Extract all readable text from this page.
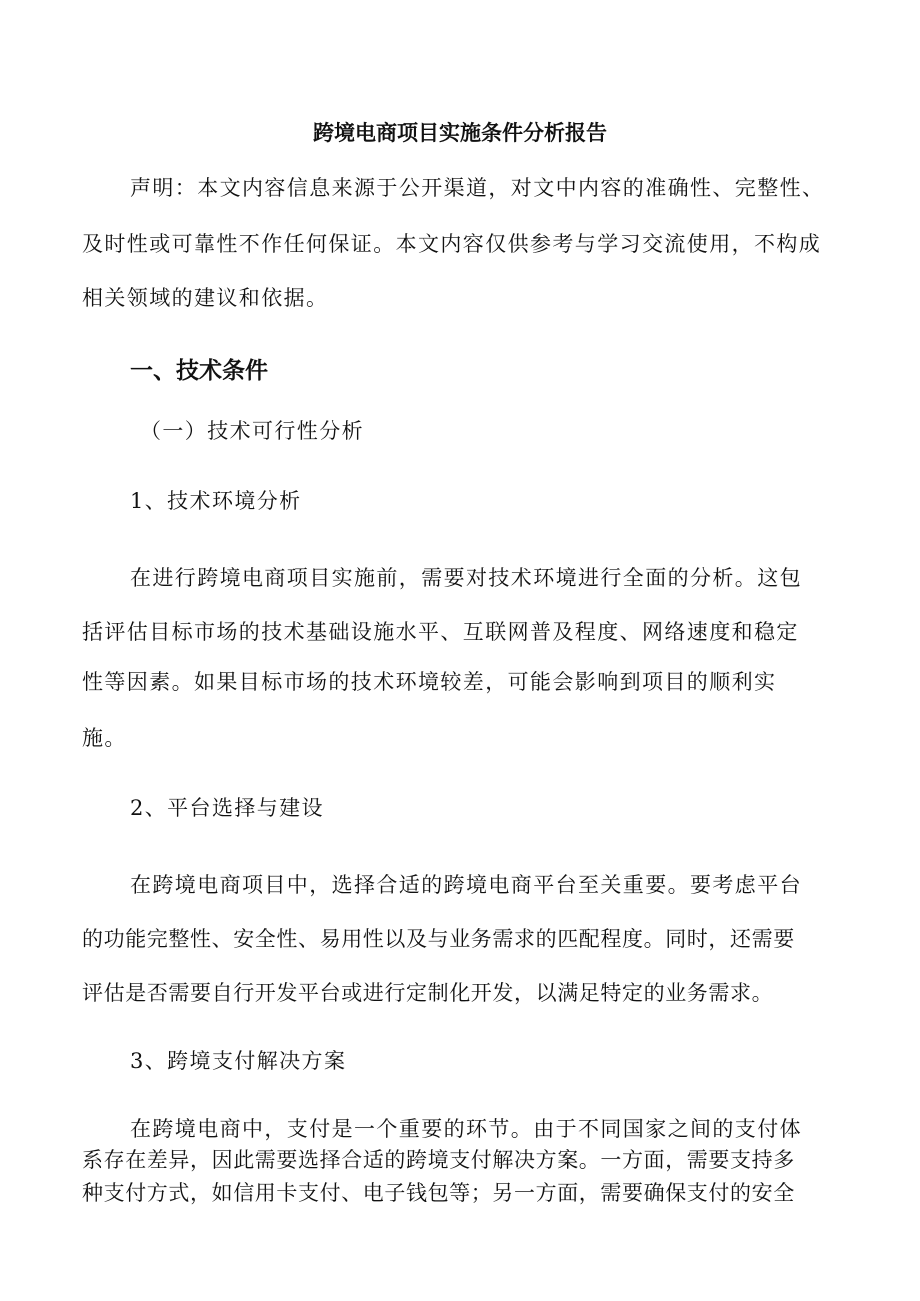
跨境电商项目实施条件分析报告

声明：本文内容信息来源于公开渠道，对文中内容的准确性、完整性、

及时性或可靠性不作任何保证。本文内容仅供参考与学习交流使用，不构成

相关领域的建议和依据。

一、技术条件

（一）技术可行性分析

1、技术环境分析

在进行跨境电商项目实施前，需要对技术环境进行全面的分析。这包

括评估目标市场的技术基础设施水平、互联网普及程度、网络速度和稳定

性等因素。如果目标市场的技术环境较差，可能会影响到项目的顺利实

施。

2、平台选择与建设

在跨境电商项目中，选择合适的跨境电商平台至关重要。要考虑平台

的功能完整性、安全性、易用性以及与业务需求的匹配程度。同时，还需要

评估是否需要自行开发平台或进行定制化开发，以满足特定的业务需求。

3、跨境支付解决方案

在跨境电商中，支付是一个重要的环节。由于不同国家之间的支付体

系存在差异，因此需要选择合适的跨境支付解决方案。一方面，需要支持多

种支付方式，如信用卡支付、电子钱包等；另一方面，需要确保支付的安全
